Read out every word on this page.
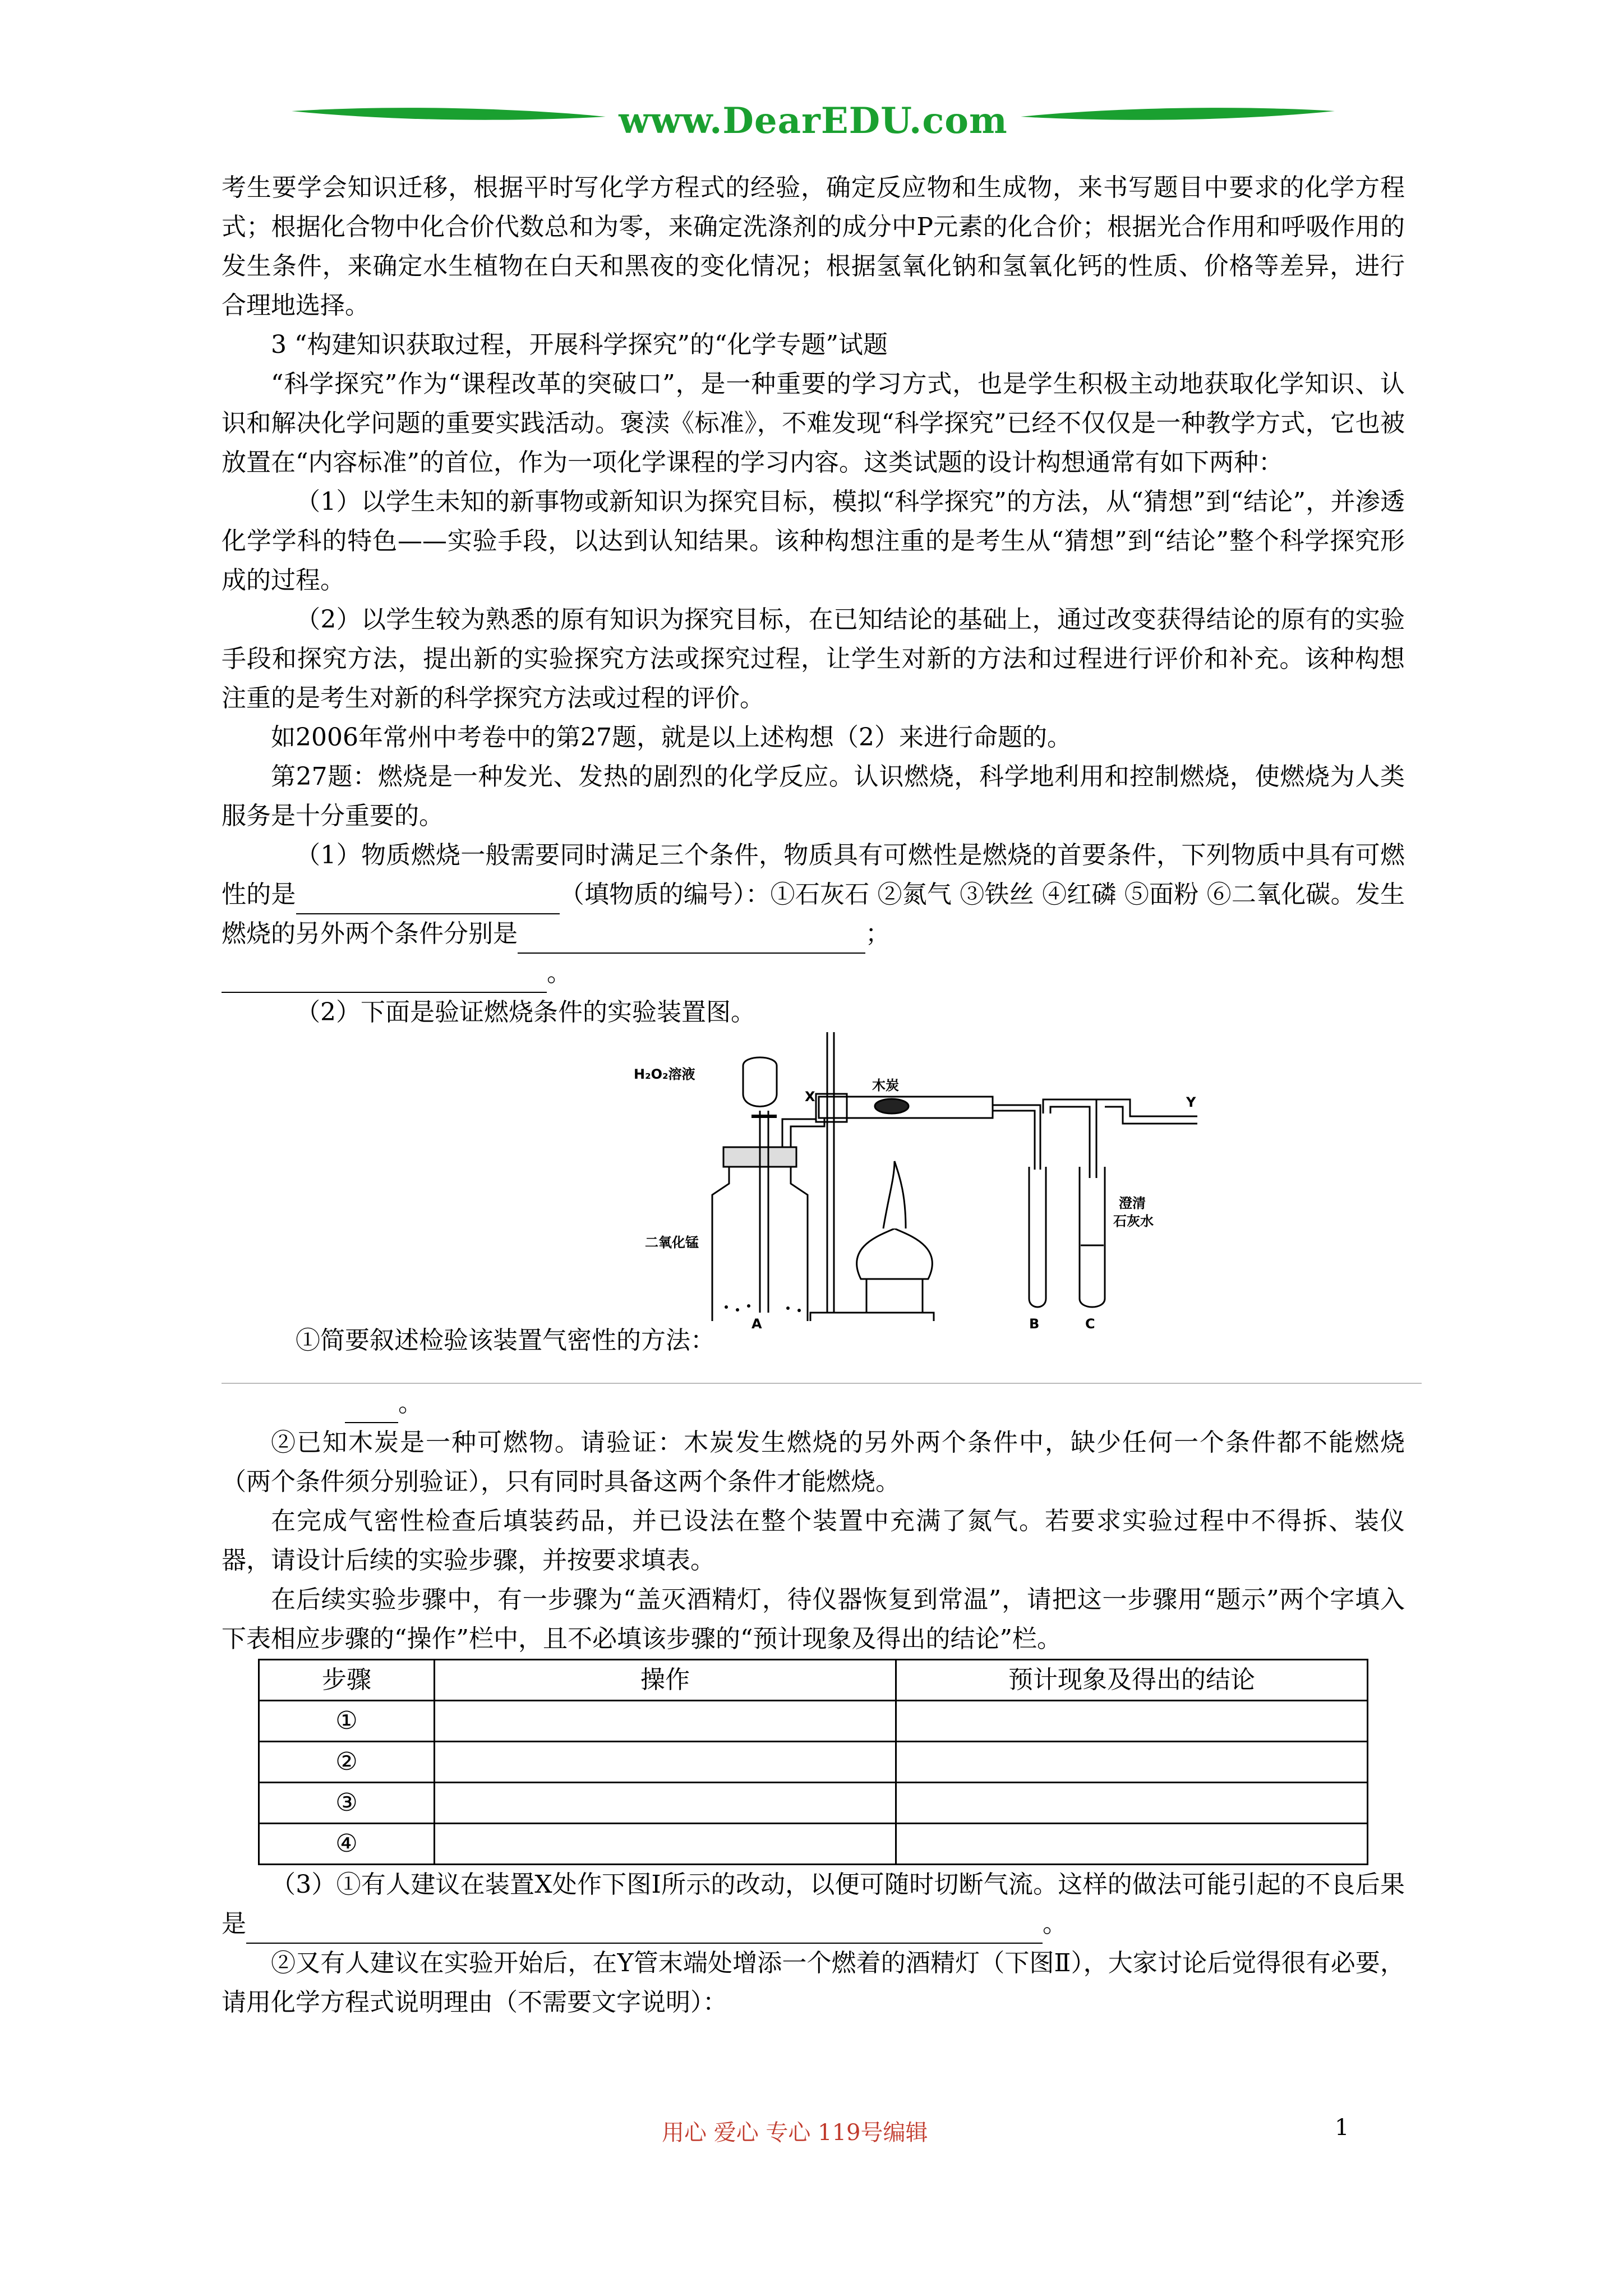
www.DearEDU.com

考生要学会知识迁移，根据平时写化学方程式的经验，确定反应物和生成物，来书写题目中要求的化学方程式；根据化合物中化合价代数总和为零，来确定洗涤剂的成分中P元素的化合价；根据光合作用和呼吸作用的发生条件，来确定水生植物在白天和黑夜的变化情况；根据氢氧化钠和氢氧化钙的性质、价格等差异，进行合理地选择。

3 “构建知识获取过程，开展科学探究”的“化学专题”试题

“科学探究”作为“课程改革的突破口”，是一种重要的学习方式，也是学生积极主动地获取化学知识、认识和解决化学问题的重要实践活动。褒渎《标准》，不难发现“科学探究”已经不仅仅是一种教学方式，它也被放置在“内容标准”的首位，作为一项化学课程的学习内容。这类试题的设计构想通常有如下两种：

（1）以学生未知的新事物或新知识为探究目标，模拟“科学探究”的方法，从“猜想”到“结论”，并渗透化学学科的特色——实验手段，以达到认知结果。该种构想注重的是考生从“猜想”到“结论”整个科学探究形成的过程。

（2）以学生较为熟悉的原有知识为探究目标，在已知结论的基础上，通过改变获得结论的原有的实验手段和探究方法，提出新的实验探究方法或探究过程，让学生对新的方法和过程进行评价和补充。该种构想注重的是考生对新的科学探究方法或过程的评价。

如2006年常州中考卷中的第27题，就是以上述构想（2）来进行命题的。

第27题：燃烧是一种发光、发热的剧烈的化学反应。认识燃烧，科学地利用和控制燃烧，使燃烧为人类服务是十分重要的。

（1）物质燃烧一般需要同时满足三个条件，物质具有可燃性是燃烧的首要条件，下列物质中具有可燃性的是	（填物质的编号）：①石灰石 ②氮气 ③铁丝 ④红磷 ⑤面粉 ⑥二氧化碳。发生燃烧的另外两个条件分别是	；
。

（2）下面是验证燃烧条件的实验装置图。

H₂O₂溶液
X
木炭
Y
二氧化锰
澄清
石灰水
A	B	C

①简要叙述检验该装置气密性的方法：

。

②已知木炭是一种可燃物。请验证：木炭发生燃烧的另外两个条件中，缺少任何一个条件都不能燃烧（两个条件须分别验证），只有同时具备这两个条件才能燃烧。

在完成气密性检查后填装药品，并已设法在整个装置中充满了氮气。若要求实验过程中不得拆、装仪器，请设计后续的实验步骤，并按要求填表。

在后续实验步骤中，有一步骤为“盖灭酒精灯，待仪器恢复到常温”，请把这一步骤用“题示”两个字填入下表相应步骤的“操作”栏中，且不必填该步骤的“预计现象及得出的结论”栏。

步骤	操作	预计现象及得出的结论
①		
②		
③		
④		

（3）①有人建议在装置X处作下图Ⅰ所示的改动，以便可随时切断气流。这样的做法可能引起的不良后果是	。

②又有人建议在实验开始后，在Y管末端处增添一个燃着的酒精灯（下图Ⅱ），大家讨论后觉得很有必要，请用化学方程式说明理由（不需要文字说明）：

用心 爱心 专心 119号编辑	1
